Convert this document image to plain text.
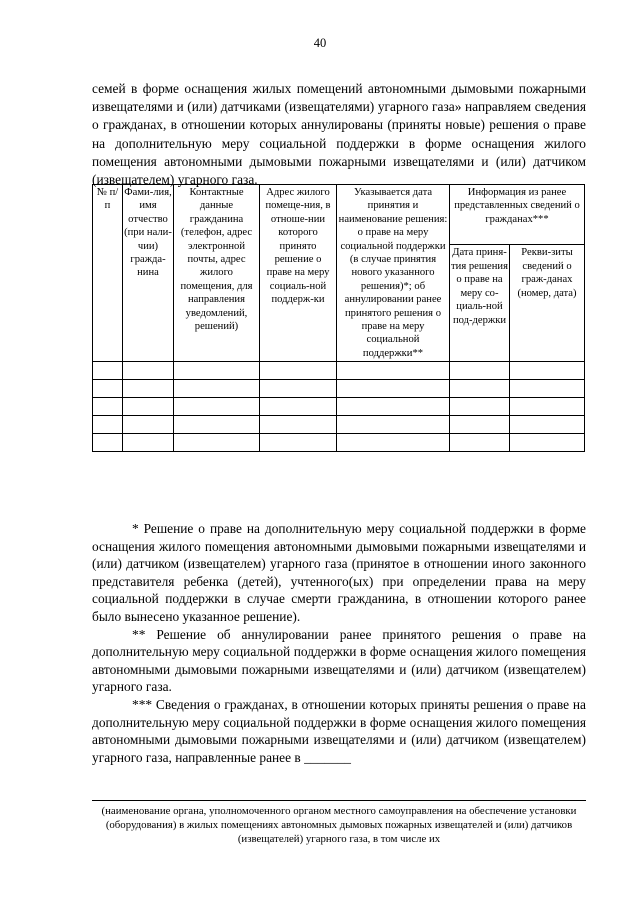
40

семей в форме оснащения жилых помещений автономными дымовыми пожарными извещателями и (или) датчиками (извещателями) угарного газа» направляем сведения о гражданах, в отношении которых аннулированы (приняты новые) решения о праве на дополнительную меру социальной поддержки в форме оснащения жилого помещения автономными дымовыми пожарными извещателями и (или) датчиком (извещателем) угарного газа.

№ п/п	Фами-лия, имя отчество (при нали-чии) гражда-нина	Контактные данные гражданина (телефон, адрес электронной почты, адрес жилого помещения, для направления уведомлений, решений)	Адрес жилого помеще-ния, в отноше-нии которого принято решение о праве на меру социаль-ной поддерж-ки	Указывается дата принятия и наименование решения: о праве на меру социальной поддержки (в случае принятия нового указанного решения)*; об аннулировании ранее принятого решения о праве на меру социальной поддержки**	Информация из ранее представленных сведений о гражданах***	
					Дата приня-тия решения о праве на меру со-циаль-ной под-держки	Рекви-зиты сведений о граж-данах (номер, дата)

* Решение о праве на дополнительную меру социальной поддержки в форме оснащения жилого помещения автономными дымовыми пожарными извещателями и (или) датчиком (извещателем) угарного газа (принятое в отношении иного законного представителя ребенка (детей), учтенного(ых) при определении права на меру социальной поддержки в случае смерти гражданина, в отношении которого ранее было вынесено указанное решение).

** Решение об аннулировании ранее принятого решения о праве на дополнительную меру социальной поддержки в форме оснащения жилого помещения автономными дымовыми пожарными извещателями и (или) датчиком (извещателем) угарного газа.

*** Сведения о гражданах, в отношении которых приняты решения о праве на дополнительную меру социальной поддержки в форме оснащения жилого помещения автономными дымовыми пожарными извещателями и (или) датчиком (извещателем) угарного газа, направленные ранее в _______

(наименование органа, уполномоченного органом местного самоуправления на обеспечение установки (оборудования) в жилых помещениях автономных дымовых пожарных извещателей и (или) датчиков (извещателей) угарного газа, в том числе их
